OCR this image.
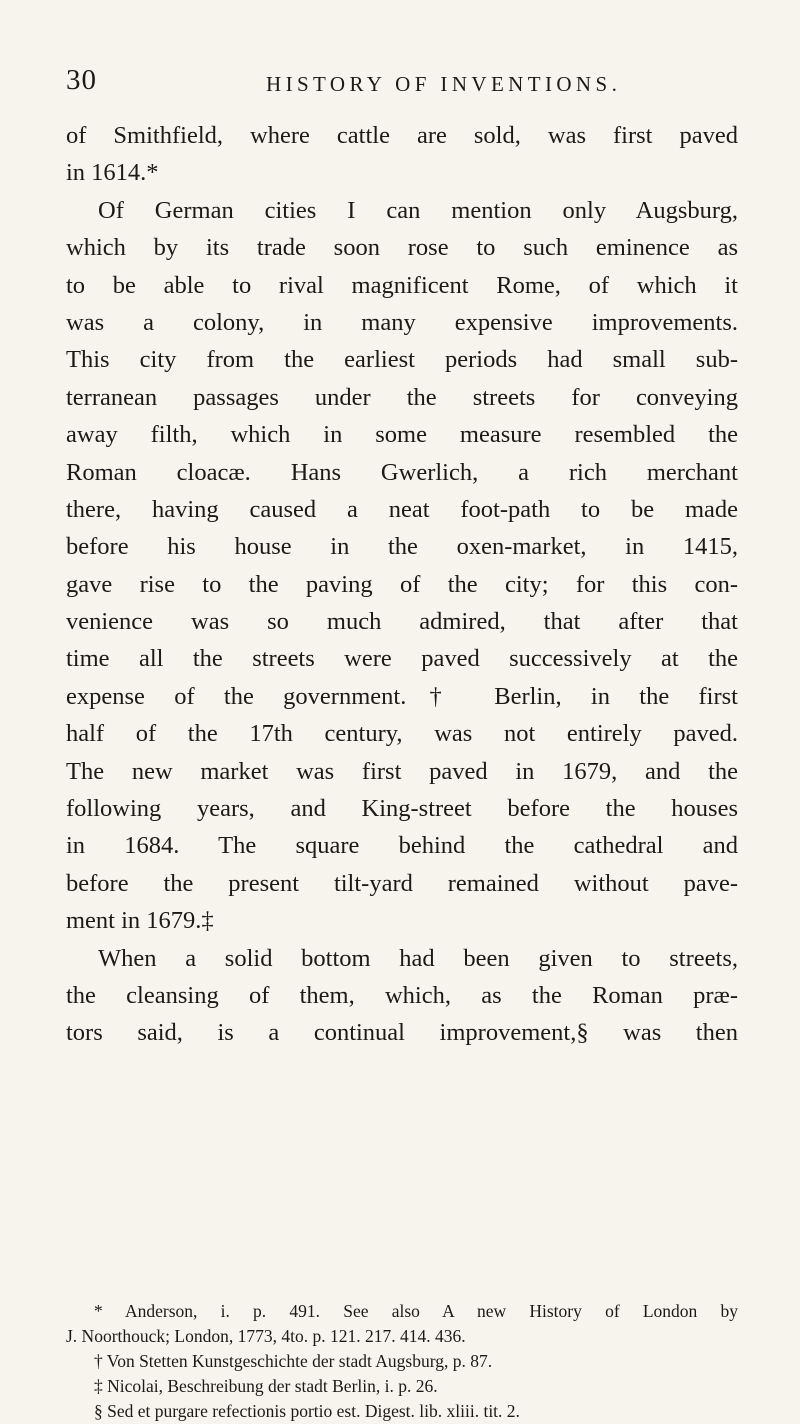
30	HISTORY OF INVENTIONS.
of Smithfield, where cattle are sold, was first paved
in 1614.*
Of German cities I can mention only Augsburg,
which by its trade soon rose to such eminence as
to be able to rival magnificent Rome, of which it
was a colony, in many expensive improvements.
This city from the earliest periods had small sub-
terranean passages under the streets for conveying
away filth, which in some measure resembled the
Roman cloacæ. Hans Gwerlich, a rich merchant
there, having caused a neat foot-path to be made
before his house in the oxen-market, in 1415,
gave rise to the paving of the city; for this con-
venience was so much admired, that after that
time all the streets were paved successively at the
expense of the government.† Berlin, in the first
half of the 17th century, was not entirely paved.
The new market was first paved in 1679, and the
following years, and King-street before the houses
in 1684. The square behind the cathedral and
before the present tilt-yard remained without pave-
ment in 1679.‡
When a solid bottom had been given to streets,
the cleansing of them, which, as the Roman præ-
tors said, is a continual improvement,§ was then
* Anderson, i. p. 491. See also A new History of London by
J. Noorthouck; London, 1773, 4to. p. 121. 217. 414. 436.
† Von Stetten Kunstgeschichte der stadt Augsburg, p. 87.
‡ Nicolai, Beschreibung der stadt Berlin, i. p. 26.
§ Sed et purgare refectionis portio est. Digest. lib. xliii. tit. 2.
